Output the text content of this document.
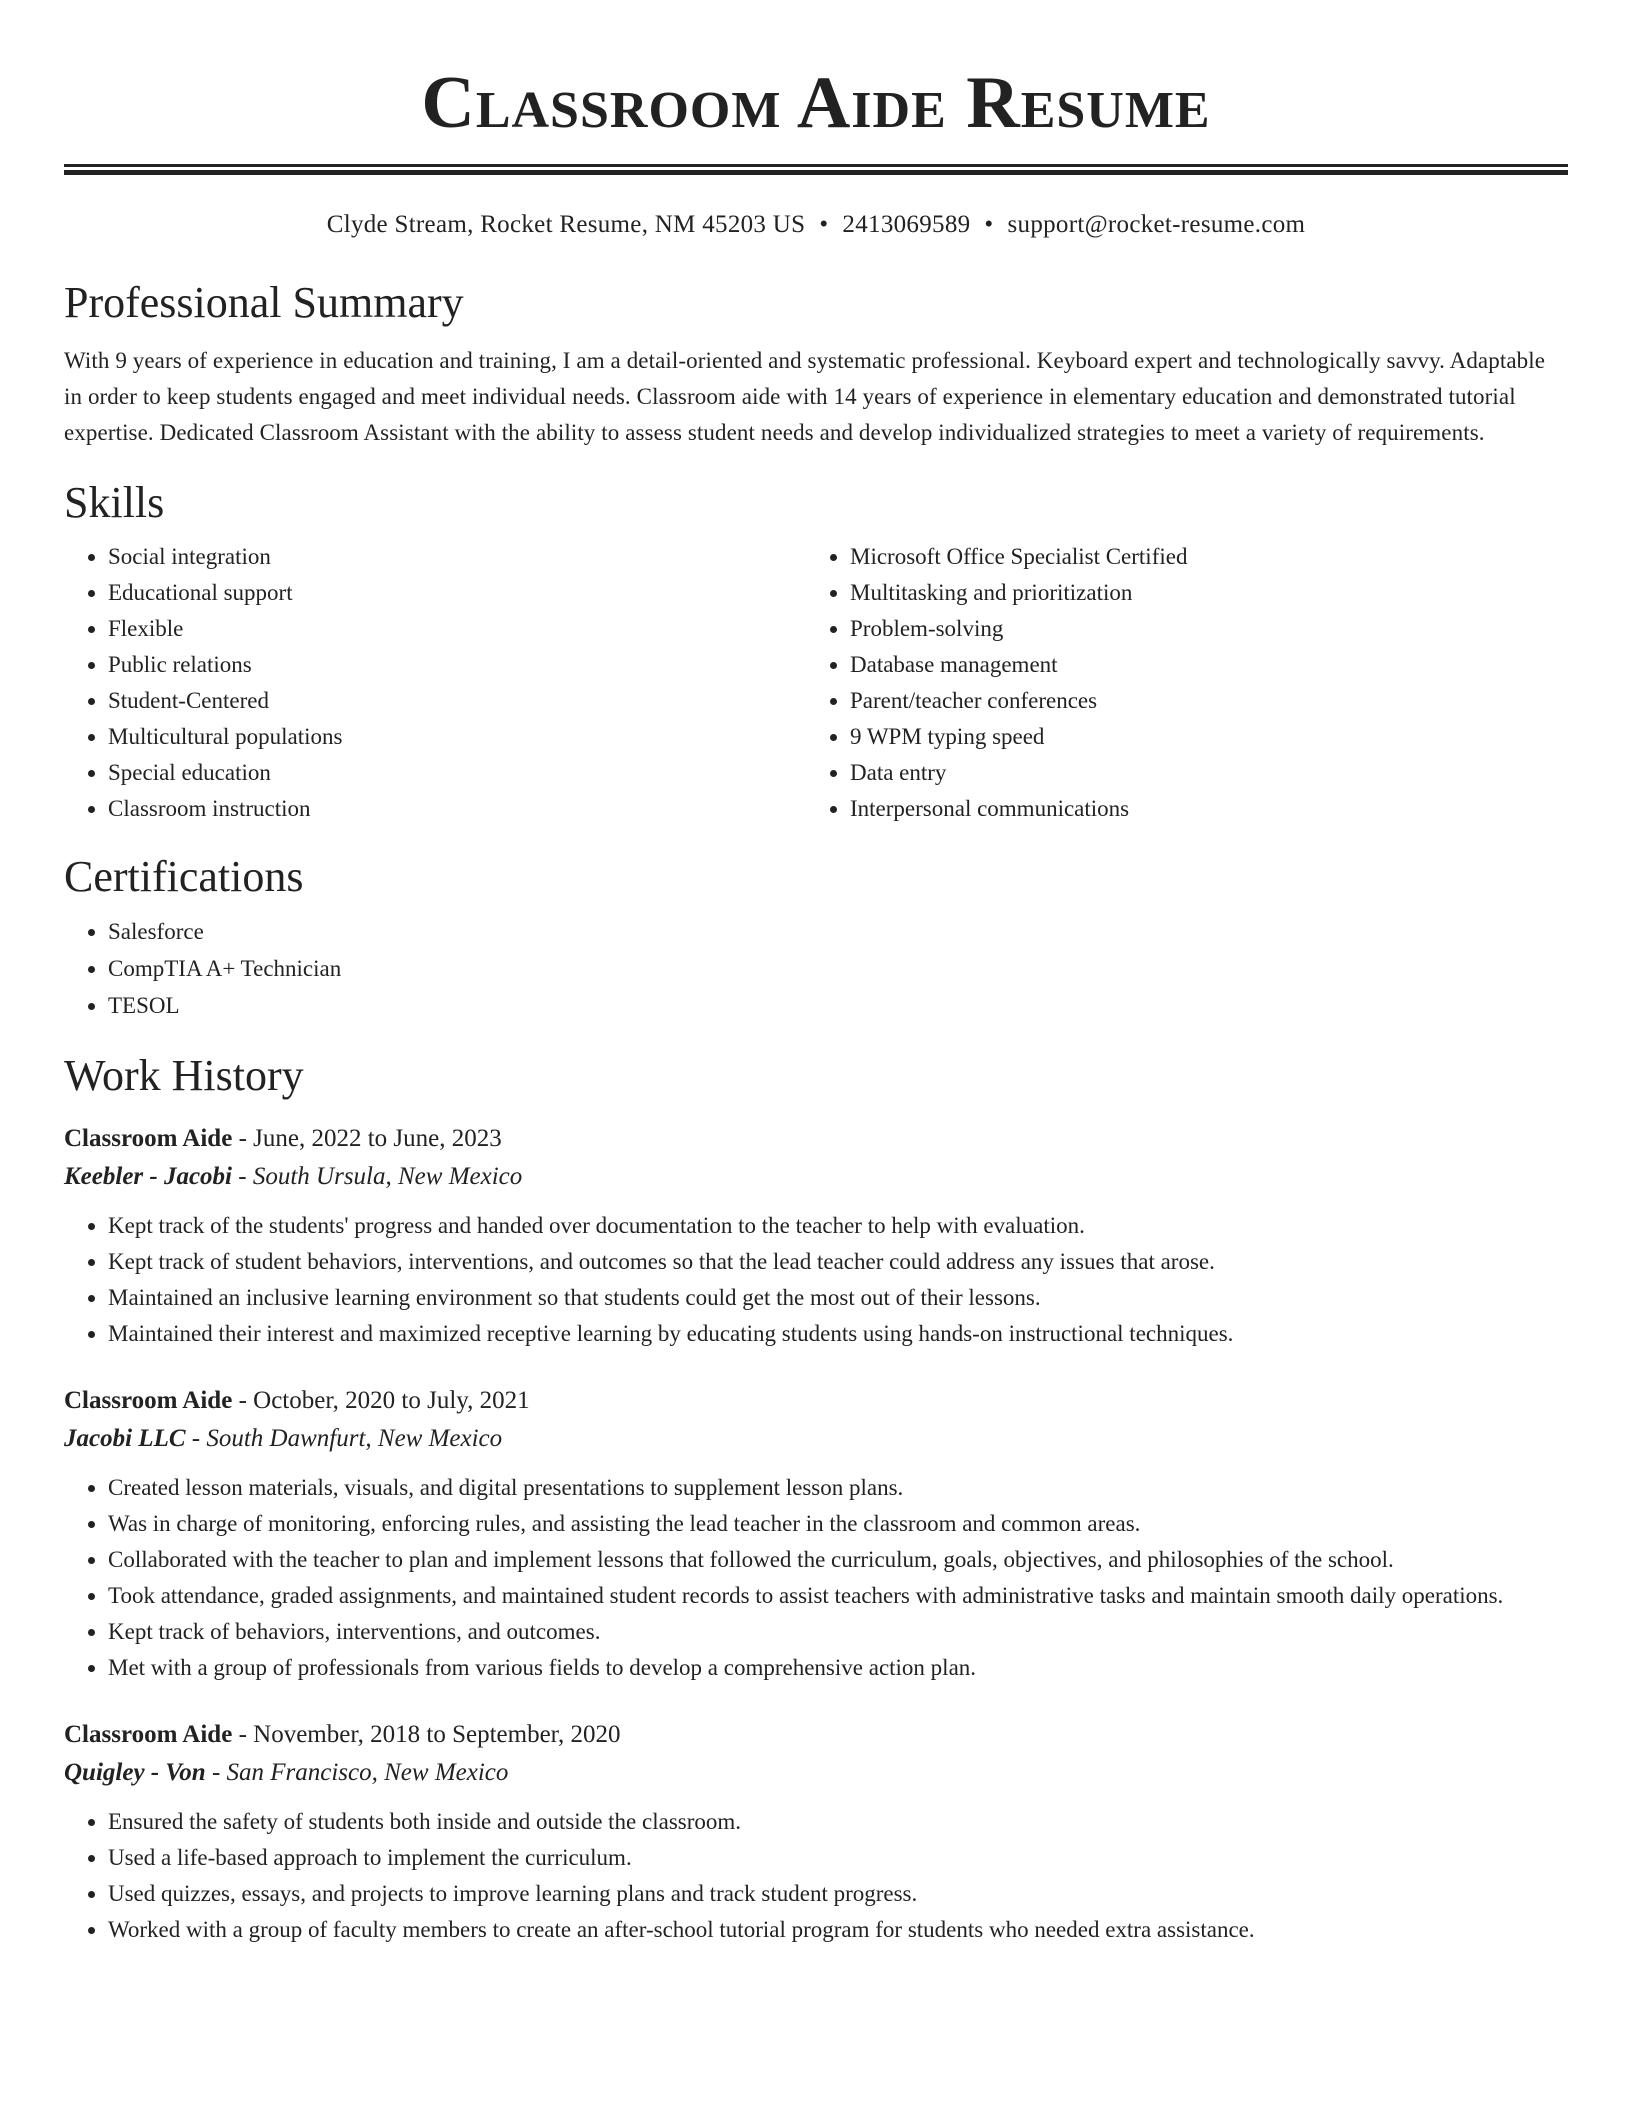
Classroom Aide Resume
Clyde Stream, Rocket Resume, NM 45203 US • 2413069589 • support@rocket-resume.com
Professional Summary

With 9 years of experience in education and training, I am a detail-oriented and systematic professional. Keyboard expert and technologically savvy. Adaptable in order to keep students engaged and meet individual needs. Classroom aide with 14 years of experience in elementary education and demonstrated tutorial expertise. Dedicated Classroom Assistant with the ability to assess student needs and develop individualized strategies to meet a variety of requirements.

Skills
• Social integration
• Educational support
• Flexible
• Public relations
• Student-Centered
• Multicultural populations
• Special education
• Classroom instruction
• Microsoft Office Specialist Certified
• Multitasking and prioritization
• Problem-solving
• Database management
• Parent/teacher conferences
• 9 WPM typing speed
• Data entry
• Interpersonal communications
Certifications
• Salesforce
• CompTIA A+ Technician
• TESOL
Work History
Classroom Aide - June, 2022 to June, 2023
Keebler - Jacobi - South Ursula, New Mexico
• Kept track of the students' progress and handed over documentation to the teacher to help with evaluation.
• Kept track of student behaviors, interventions, and outcomes so that the lead teacher could address any issues that arose.
• Maintained an inclusive learning environment so that students could get the most out of their lessons.
• Maintained their interest and maximized receptive learning by educating students using hands-on instructional techniques.
Classroom Aide - October, 2020 to July, 2021
Jacobi LLC - South Dawnfurt, New Mexico
• Created lesson materials, visuals, and digital presentations to supplement lesson plans.
• Was in charge of monitoring, enforcing rules, and assisting the lead teacher in the classroom and common areas.
• Collaborated with the teacher to plan and implement lessons that followed the curriculum, goals, objectives, and philosophies of the school.
• Took attendance, graded assignments, and maintained student records to assist teachers with administrative tasks and maintain smooth daily operations.
• Kept track of behaviors, interventions, and outcomes.
• Met with a group of professionals from various fields to develop a comprehensive action plan.
Classroom Aide - November, 2018 to September, 2020
Quigley - Von - San Francisco, New Mexico
• Ensured the safety of students both inside and outside the classroom.
• Used a life-based approach to implement the curriculum.
• Used quizzes, essays, and projects to improve learning plans and track student progress.
• Worked with a group of faculty members to create an after-school tutorial program for students who needed extra assistance.
